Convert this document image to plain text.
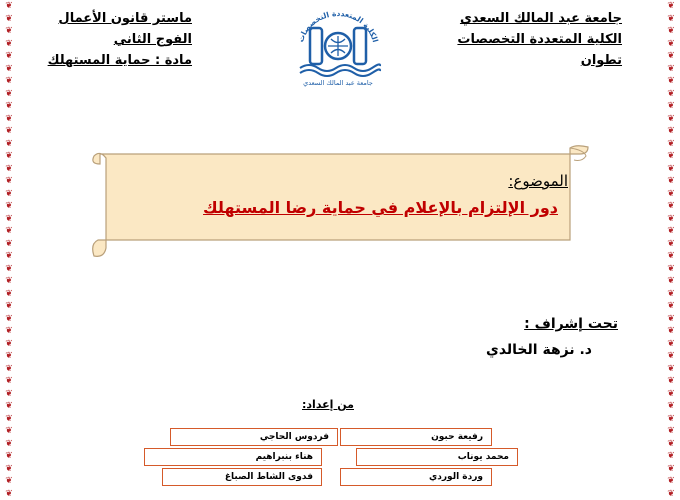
❦
❦
❦
❦
❦
❦
❦
❦
❦
❦
❦
❦
❦
❦
❦
❦
❦
❦
❦
❦
❦
❦
❦
❦
❦
❦
❦
❦
❦
❦
❦
❦
❦
❦
❦
❦
❦
❦
❦
❦
❦
❦
❦
❦
❦
❦
❦
❦
❦
❦
❦
❦
❦
❦
❦
❦
❦
❦
❦
❦
❦
❦
❦
❦
❦
❦
❦
❦
❦
❦
❦
❦
❦
❦
❦
❦
❦
❦
❦
❦
جامعة عبد المالك السعدي
الكلية المتعددة التخصصات
تطوان
ماستر قانون الأعمال
الفوج الثاني
مادة : حماية المستهلك
الكلية المتعددة التخصصات
جامعة عبد المالك السعدي
الموضوع:
دور الإلتزام بالإعلام في حماية رضا المستهلك
تحت إشراف :
د. نزهة الخالدي
من إعداد:
رفيعة حبون
فردوس الحاجي
محمد يوناب
هناء بنبراهيم
وردة الوردي
فدوى الشاط الصباغ
